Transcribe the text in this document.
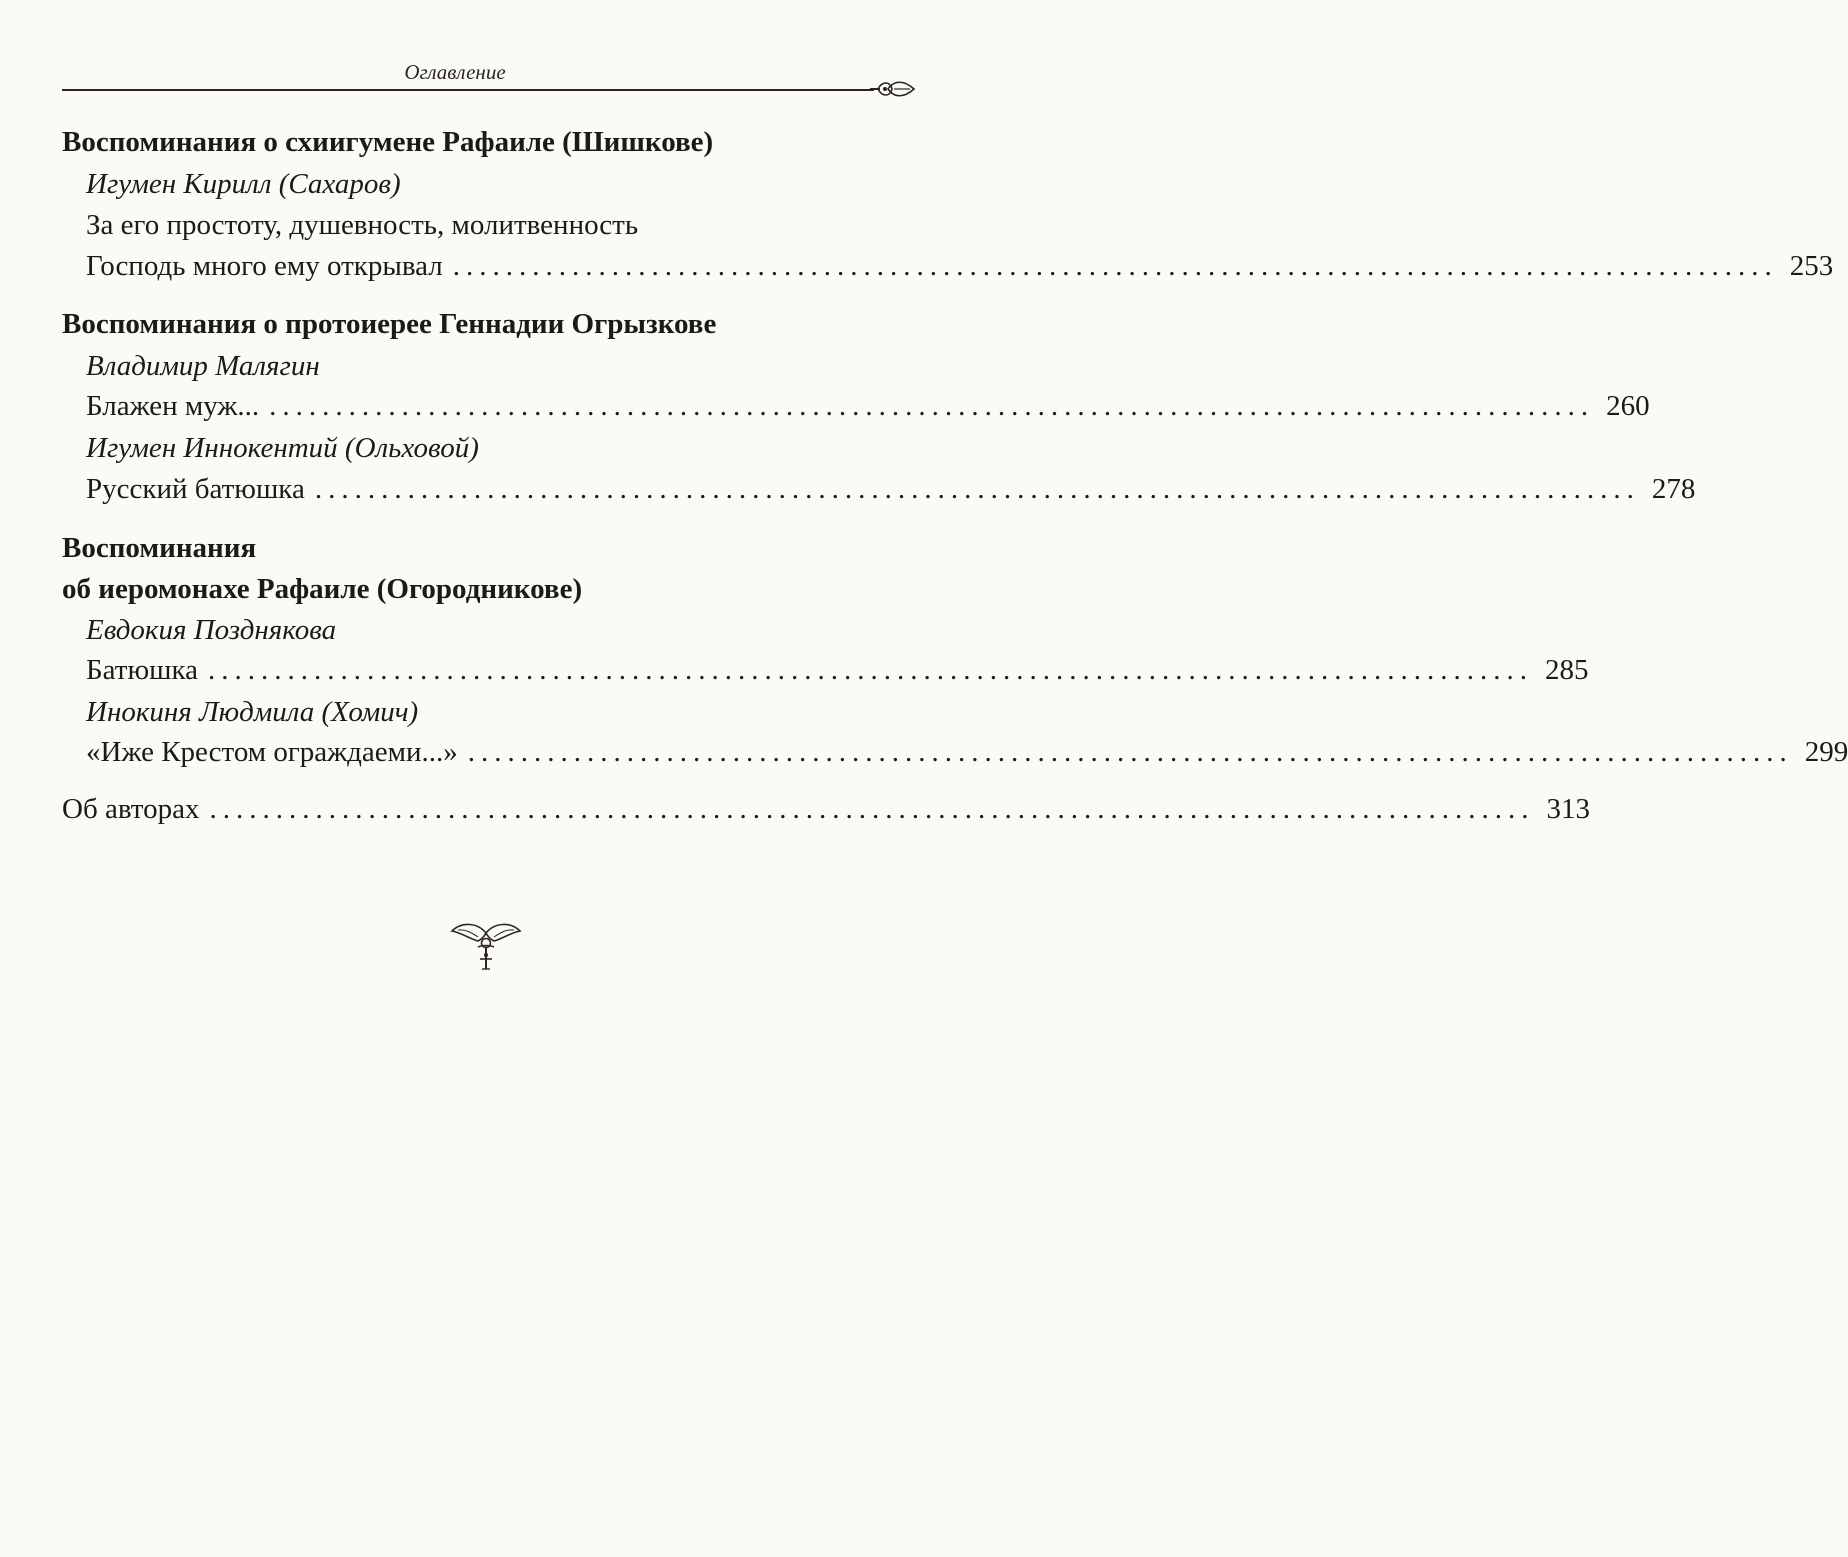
Оглавление
Воспоминания о схиигумене Рафаиле (Шишкове)
Игумен Кирилл (Сахаров)
За его простоту, душевность, молитвенность
Господь много ему открывал .................................................................................................... 253
Воспоминания о протоиерее Геннадии Огрызкове
Владимир Малягин
Блажен муж... .................................................................................................... 260
Игумен Иннокентий (Ольховой)
Русский батюшка .................................................................................................... 278
Воспоминания
об иеромонахе Рафаиле (Огородникове)
Евдокия Позднякова
Батюшка .................................................................................................... 285
Инокиня Людмила (Хомич)
«Иже Крестом ограждаеми...» .................................................................................................... 299
Об авторах .................................................................................................... 313
